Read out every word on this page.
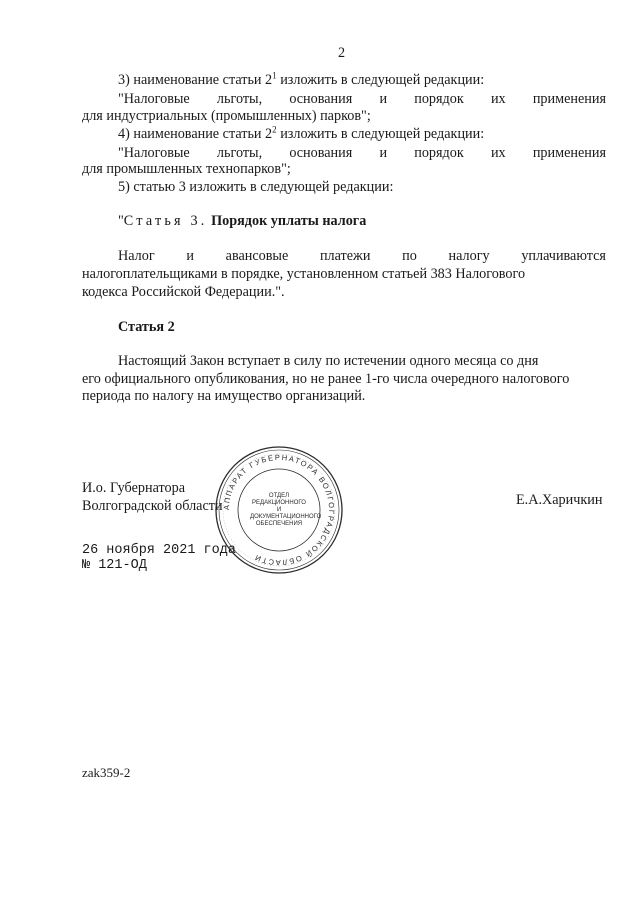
2
3) наименование статьи $2^1$ изложить в следующей редакции:
"Налоговые льготы, основания и порядок их применения
для индустриальных (промышленных) парков";
4) наименование статьи $2^2$ изложить в следующей редакции:
"Налоговые льготы, основания и порядок их применения
для промышленных технопарков";
5) статью 3 изложить в следующей редакции:
"Статья 3. Порядок уплаты налога
Налог и авансовые платежи по налогу уплачиваются
налогоплательщиками в порядке, установленном статьей 383 Налогового
кодекса Российской Федерации.".
Статья 2
Настоящий Закон вступает в силу по истечении одного месяца со дня
его официального опубликования, но не ранее 1-го числа очередного налогового
периода по налогу на имущество организаций.
И.о. Губернатора
Волгоградской области	Е.А.Харичкин
АППАРАТ ГУБЕРНАТОРА ВОЛГОГРАДСКОЙ ОБЛАСТИ
ОТДЕЛ
РЕДАКЦИОННОГО И
ДОКУМЕНТАЦИОННОГО
ОБЕСПЕЧЕНИЯ
26 ноября 2021 года
№ 121-ОД
zak359-2
